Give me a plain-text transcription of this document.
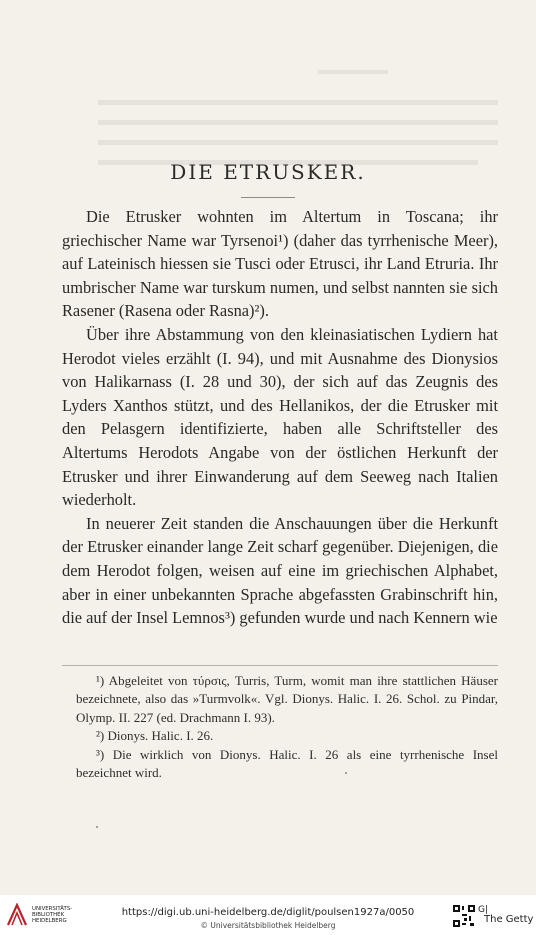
DIE ETRUSKER.

Die Etrusker wohnten im Altertum in Toscana; ihr griechischer Name war Tyrsenoi¹) (daher das tyrrhenische Meer), auf Lateinisch hiessen sie Tusci oder Etrusci, ihr Land Etruria. Ihr umbrischer Name war turskum numen, und selbst nannten sie sich Rasener (Rasena oder Rasna)²).

Über ihre Abstammung von den kleinasiatischen Lydiern hat Herodot vieles erzählt (I. 94), und mit Ausnahme des Dionysios von Halikarnass (I. 28 und 30), der sich auf das Zeugnis des Lyders Xanthos stützt, und des Hellanikos, der die Etrusker mit den Pelasgern identifizierte, haben alle Schriftsteller des Altertums Herodots Angabe von der östlichen Herkunft der Etrusker und ihrer Einwanderung auf dem Seeweg nach Italien wiederholt.

In neuerer Zeit standen die Anschauungen über die Herkunft der Etrusker einander lange Zeit scharf gegenüber. Diejenigen, die dem Herodot folgen, weisen auf eine im griechischen Alphabet, aber in einer unbekannten Sprache abgefassten Grabinschrift hin, die auf der Insel Lemnos³) gefunden wurde und nach Kennern wie

¹) Abgeleitet von τύρσις, Turris, Turm, womit man ihre stattlichen Häuser bezeichnete, also das »Turmvolk«. Vgl. Dionys. Halic. I. 26. Schol. zu Pindar, Olymp. II. 227 (ed. Drachmann I. 93).

²) Dionys. Halic. I. 26.

³) Die wirklich von Dionys. Halic. I. 26 als eine tyrrhenische Insel bezeichnet wird.

UNIVERSITÄTS-
BIBLIOTHEK
HEIDELBERG
https://digi.ub.uni-heidelberg.de/diglit/poulsen1927a/0050
© Universitätsbibliothek Heidelberg
G|
The Getty
